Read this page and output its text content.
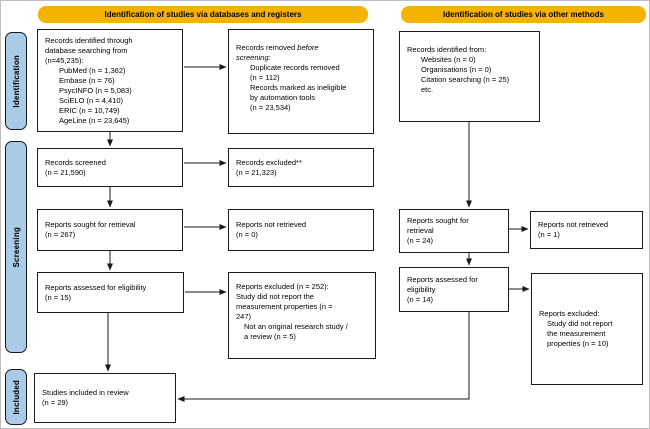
Identification of studies via databases and registers	Identification of studies via other methods
Identification
Screening
Included
Records identified through
database searching from
(n=45,235):
PubMed (n = 1,362)
Embase (n = 76)
PsycINFO (n = 5,083)
SciELO (n = 4,410)
ERIC (n = 10,749)
AgeLine (n = 23,645)
Records removed before
screening:
Duplicate records removed
(n = 112)
Records marked as ineligible
by automation tools
(n = 23,534)
Records identified from:
Websites (n = 0)
Organisations (n = 0)
Citation searching (n = 25)
etc.
Records screened
(n = 21,590)
Records excluded**
(n = 21,323)
Reports sought for retrieval
(n = 267)
Reports not retrieved
(n = 0)
Reports sought for
retrieval
(n = 24)
Reports not retrieved
(n = 1)
Reports assessed for eligibility
(n = 15)
Reports excluded (n = 252):
Study did not report the
measurement properties (n =
247)
Not an original research study /
a review (n = 5)
Reports assessed for
eligibility
(n = 14)
Reports excluded:
Study did not report
the measurement
properties (n = 10)
Studies included in review
(n = 29)
